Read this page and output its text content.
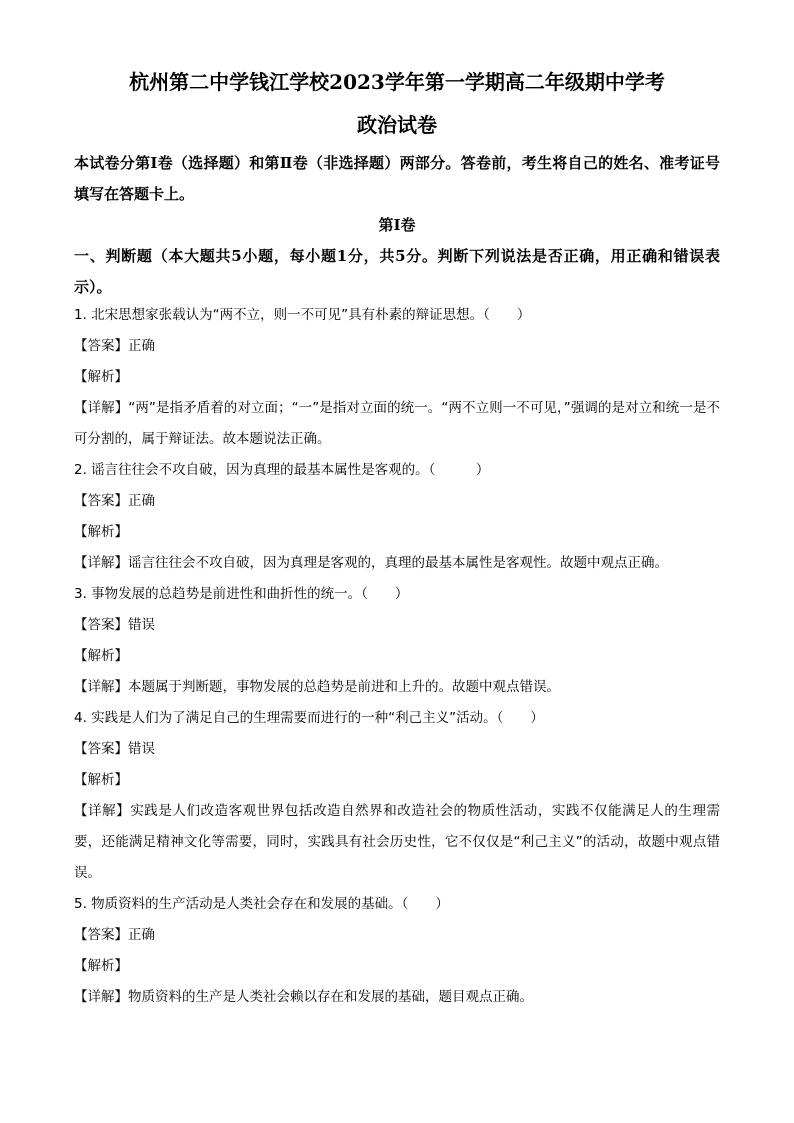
杭州第二中学钱江学校2023学年第一学期高二年级期中学考
政治试卷
本试卷分第Ⅰ卷（选择题）和第Ⅱ卷（非选择题）两部分。答卷前，考生将自己的姓名、准考证号填写在答题卡上。
第Ⅰ卷
一、判断题（本大题共5小题，每小题1分，共5分。判断下列说法是否正确，用正确和错误表示）。
1. 北宋思想家张载认为“两不立，则一不可见”具有朴素的辩证思想。（　　）
【答案】正确
【解析】
【详解】“两”是指矛盾着的对立面；“一”是指对立面的统一。“两不立则一不可见，”强调的是对立和统一是不可分割的，属于辩证法。故本题说法正确。
2. 谣言往往会不攻自破，因为真理的最基本属性是客观的。（　　　）
【答案】正确
【解析】
【详解】谣言往往会不攻自破，因为真理是客观的，真理的最基本属性是客观性。故题中观点正确。
3. 事物发展的总趋势是前进性和曲折性的统一。（　　）
【答案】错误
【解析】
【详解】本题属于判断题，事物发展的总趋势是前进和上升的。故题中观点错误。
4. 实践是人们为了满足自己的生理需要而进行的一种“利己主义”活动。（　　）
【答案】错误
【解析】
【详解】实践是人们改造客观世界包括改造自然界和改造社会的物质性活动，实践不仅能满足人的生理需要，还能满足精神文化等需要，同时，实践具有社会历史性，它不仅仅是“利己主义”的活动，故题中观点错误。
5. 物质资料的生产活动是人类社会存在和发展的基础。（　　）
【答案】正确
【解析】
【详解】物质资料的生产是人类社会赖以存在和发展的基础，题目观点正确。
